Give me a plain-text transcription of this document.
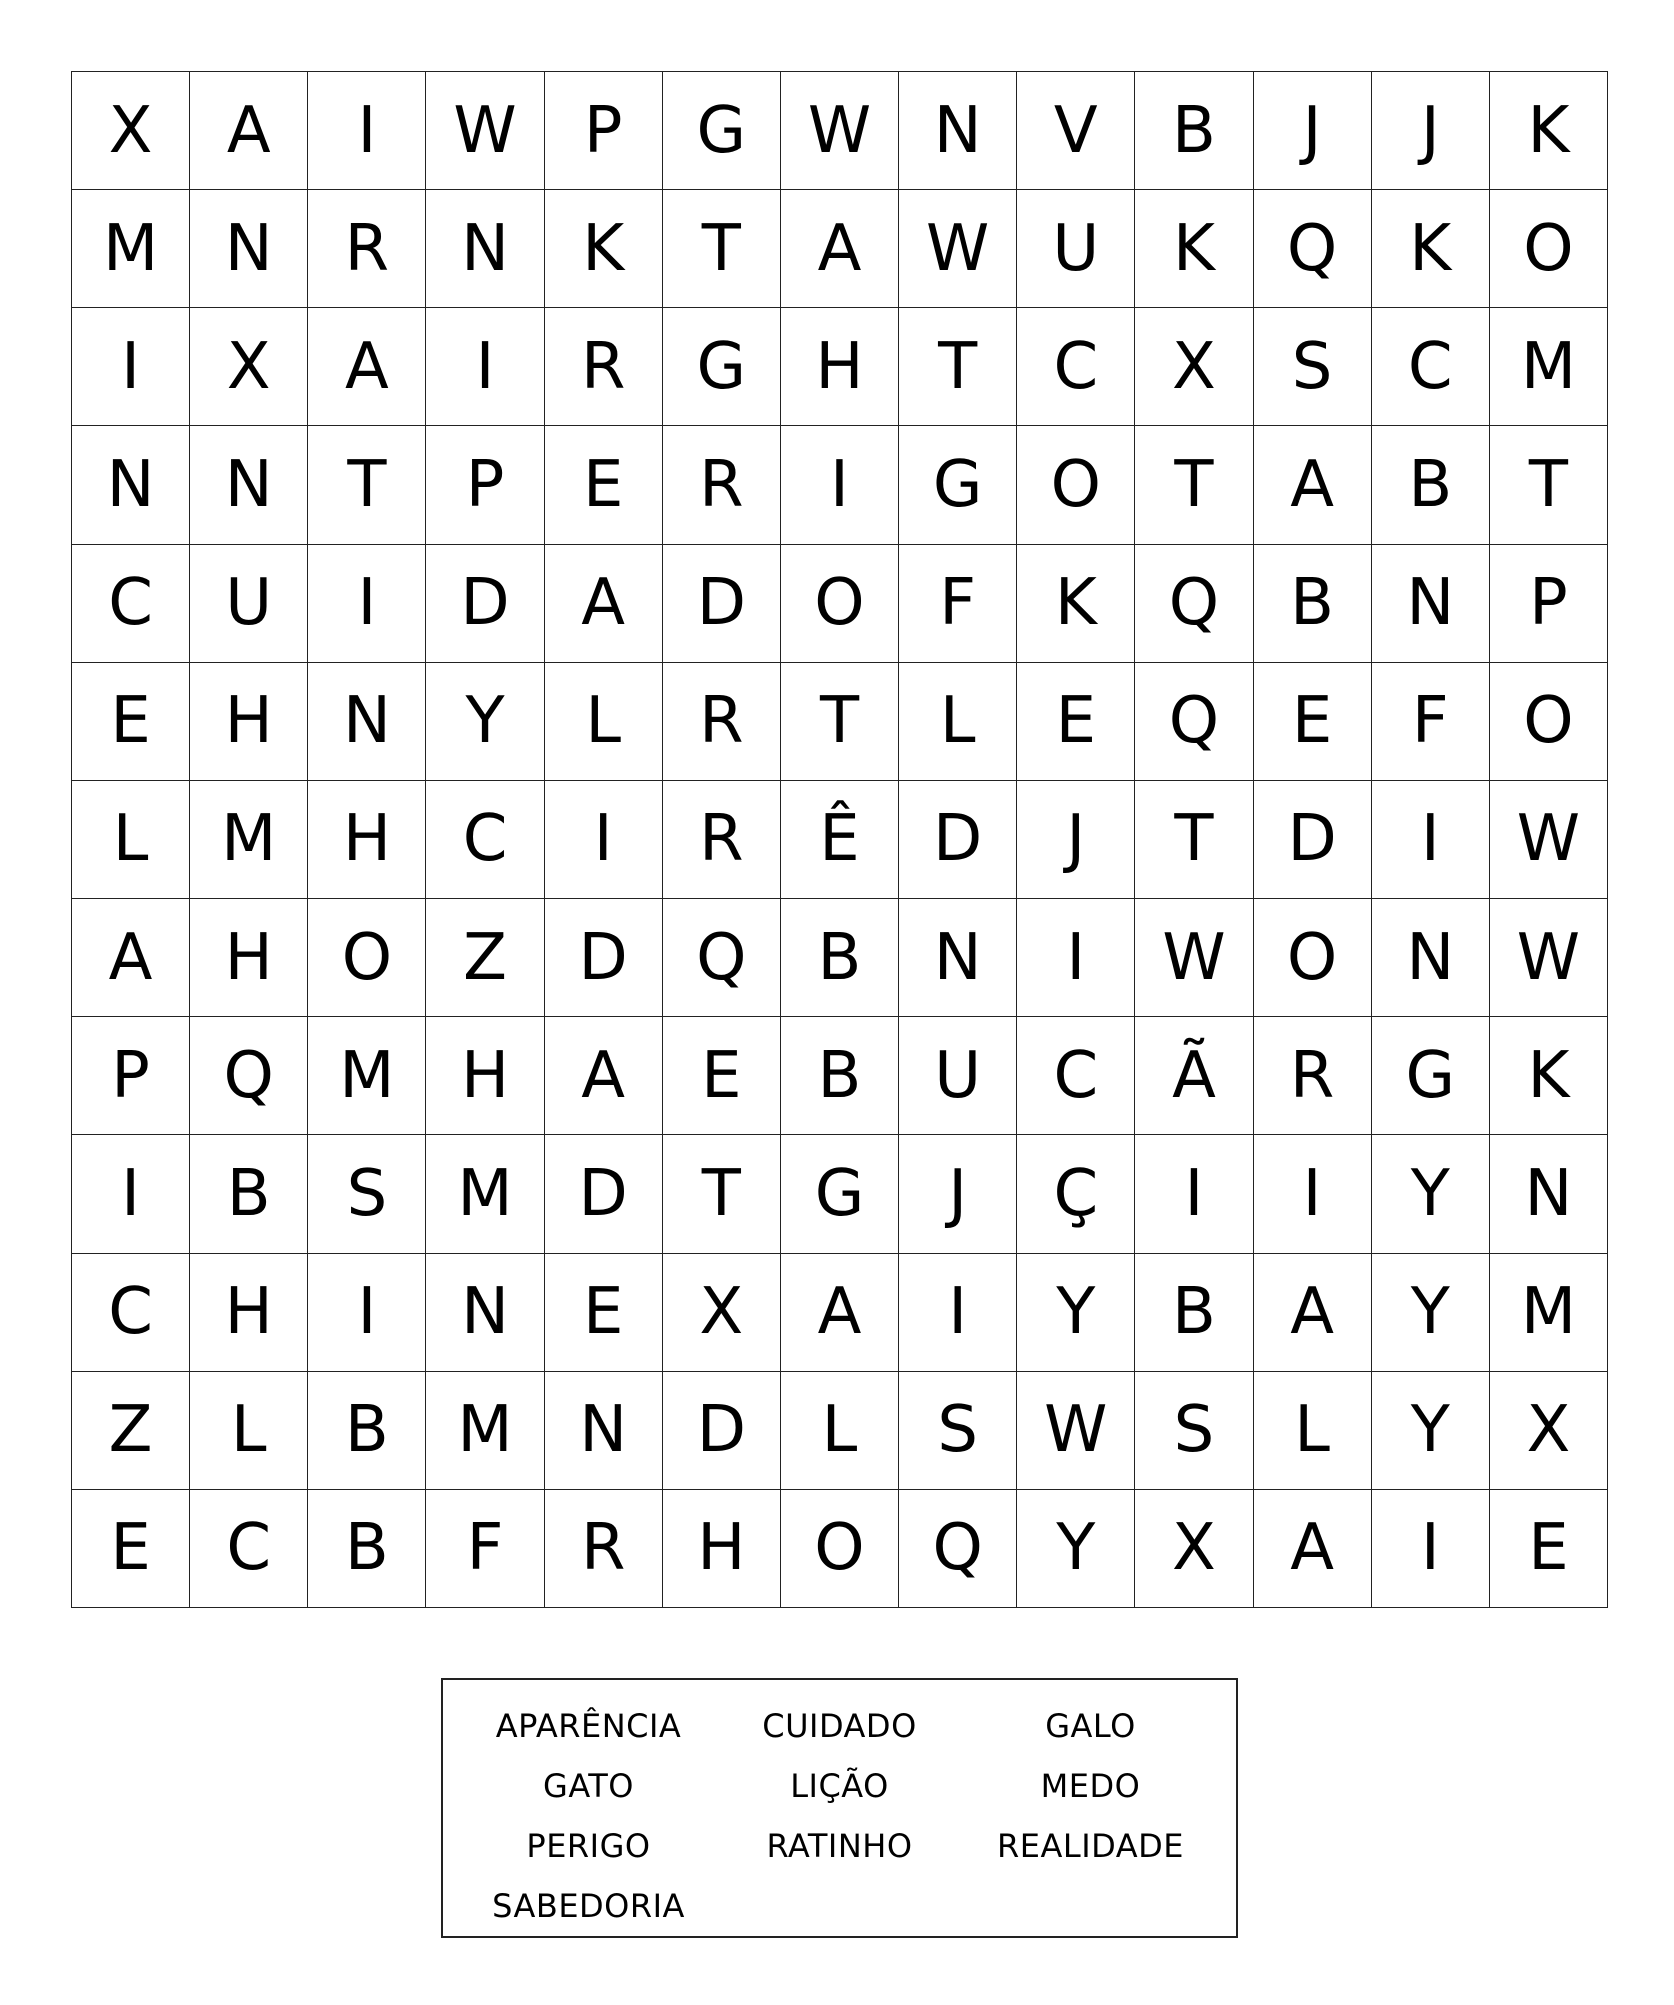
X	A	I	W	P	G W N	V	B	J	J	K
M	N	R	N	K	T	A	W U	K	Q	K	O
I	X	A	I	R	G	H	T	C	X	S	C	M
N	N	T	P	E	R	I	G	O	T	A	B	T
C	U	I	D	A	D	O	F	K	Q	B	N	P
E	H	N	Y	L	R	T	L	E	Q	E	F	O
L	M	H	C	I	R	Ê	D	J	T	D	I	W
A	H	O	Z	D	Q	B	N	I	W O	N W
P	Q	M	H	A	E	B	U	C	Ã	R	G	K
I	B	S	M	D	T	G	J	Ç	I	I	Y	N
C	H	I	N	E	X	A	I	Y	B	A	Y	M
Z	L	B	M	N	D	L	S	W	S	L	Y	X
E	C	B	F	R	H	O	Q	Y	X	A	I	E
APARÊNCIA	CUIDADO	GALO
GATO	LIÇÃO	MEDO
PERIGO	RATINHO	REALIDADE
SABEDORIA
